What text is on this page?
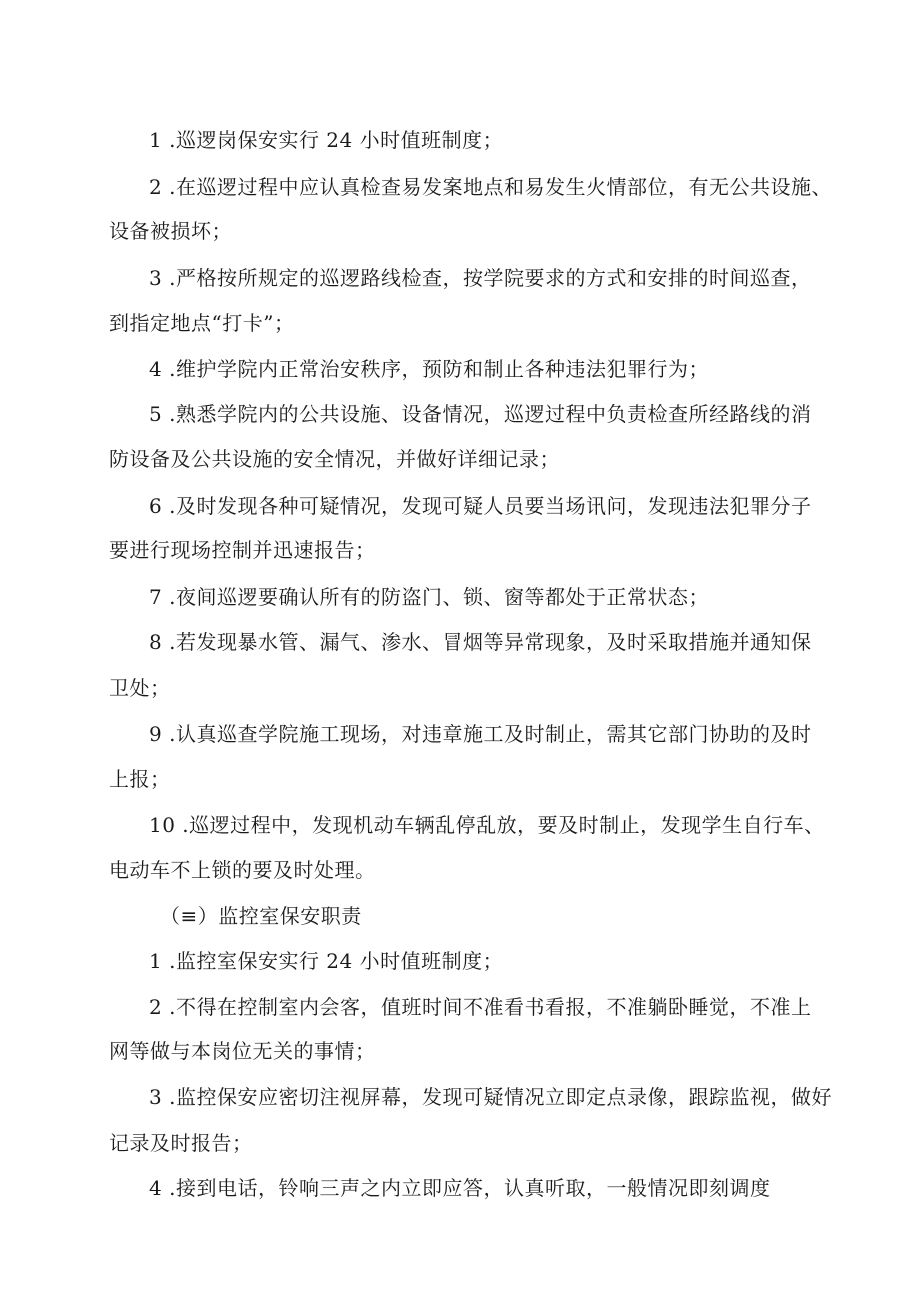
1 .巡逻岗保安实行 24 小时值班制度；
2 .在巡逻过程中应认真检查易发案地点和易发生火情部位，有无公共设施、
设备被损坏；
3 .严格按所规定的巡逻路线检查，按学院要求的方式和安排的时间巡查，
到指定地点“打卡”；
4 .维护学院内正常治安秩序，预防和制止各种违法犯罪行为；
5 .熟悉学院内的公共设施、设备情况，巡逻过程中负责检查所经路线的消
防设备及公共设施的安全情况，并做好详细记录；
6 .及时发现各种可疑情况，发现可疑人员要当场讯问，发现违法犯罪分子
要进行现场控制并迅速报告；
7 .夜间巡逻要确认所有的防盗门、锁、窗等都处于正常状态；
8 .若发现暴水管、漏气、渗水、冒烟等异常现象，及时采取措施并通知保
卫处；
9 .认真巡查学院施工现场，对违章施工及时制止，需其它部门协助的及时
上报；
10 .巡逻过程中，发现机动车辆乱停乱放，要及时制止，发现学生自行车、
电动车不上锁的要及时处理。
（≡）监控室保安职责
1 .监控室保安实行 24 小时值班制度；
2 .不得在控制室内会客，值班时间不准看书看报，不准躺卧睡觉，不准上
网等做与本岗位无关的事情；
3 .监控保安应密切注视屏幕，发现可疑情况立即定点录像，跟踪监视，做好
记录及时报告；
4 .接到电话，铃响三声之内立即应答，认真听取，一般情况即刻调度
